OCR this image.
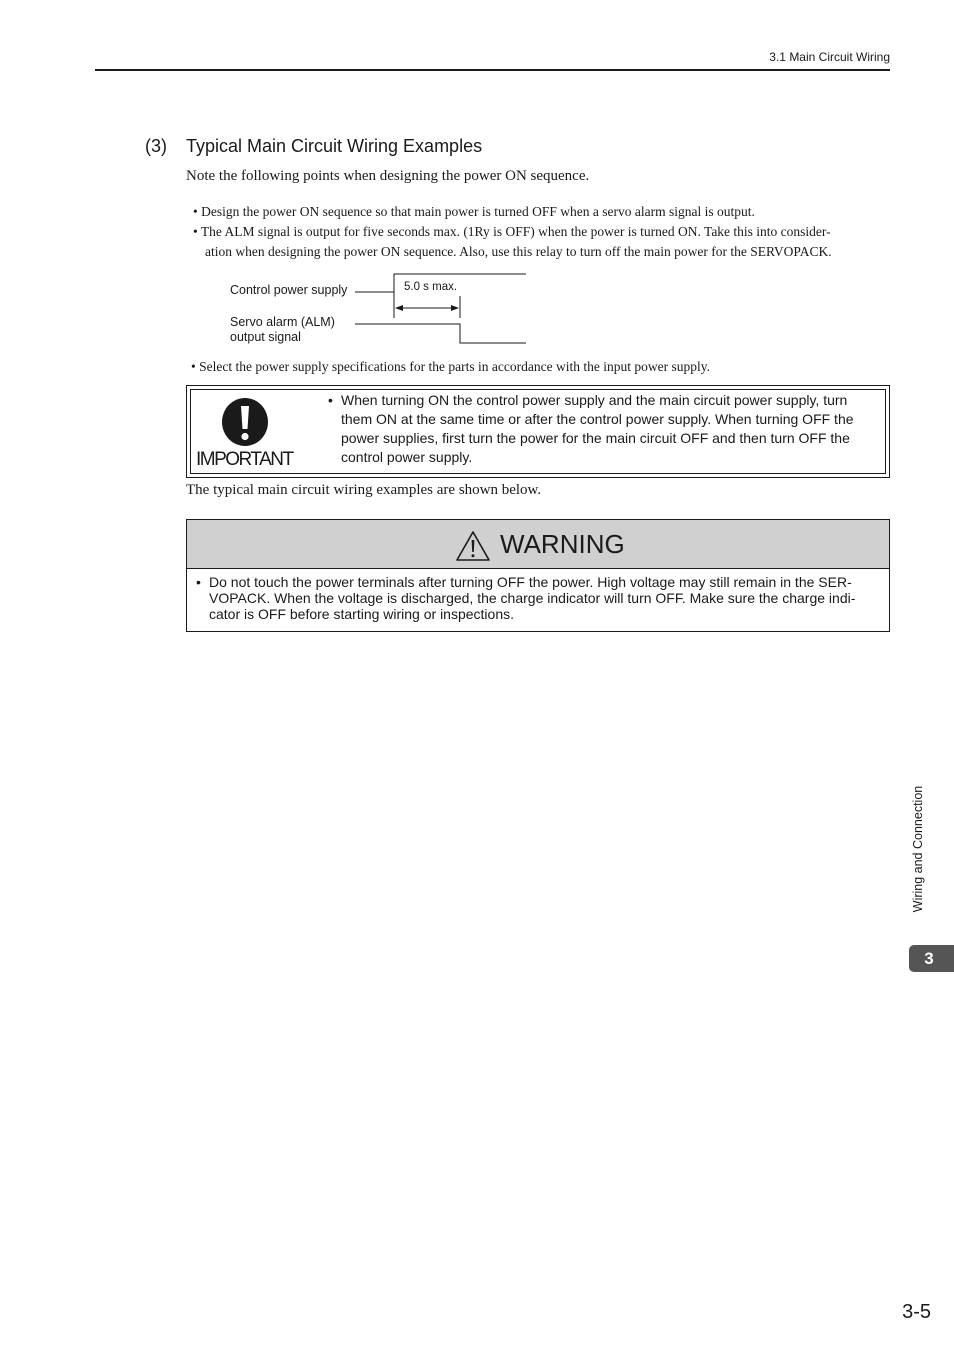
3.1 Main Circuit Wiring
(3) Typical Main Circuit Wiring Examples
Note the following points when designing the power ON sequence.
• Design the power ON sequence so that main power is turned OFF when a servo alarm signal is output.
• The ALM signal is output for five seconds max. (1Ry is OFF) when the power is turned ON. Take this into consider-
ation when designing the power ON sequence. Also, use this relay to turn off the main power for the SERVOPACK.
Control power supply
Servo alarm (ALM)
output signal
5.0 s max.
• Select the power supply specifications for the parts in accordance with the input power supply.
IMPORTANT
• When turning ON the control power supply and the main circuit power supply, turn them ON at the same time or after the control power supply. When turning OFF the power supplies, first turn the power for the main circuit OFF and then turn OFF the control power supply.
The typical main circuit wiring examples are shown below.
WARNING
• Do not touch the power terminals after turning OFF the power. High voltage may still remain in the SER-VOPACK. When the voltage is discharged, the charge indicator will turn OFF. Make sure the charge indi-cator is OFF before starting wiring or inspections.
Wiring and Connection
3
3-5
